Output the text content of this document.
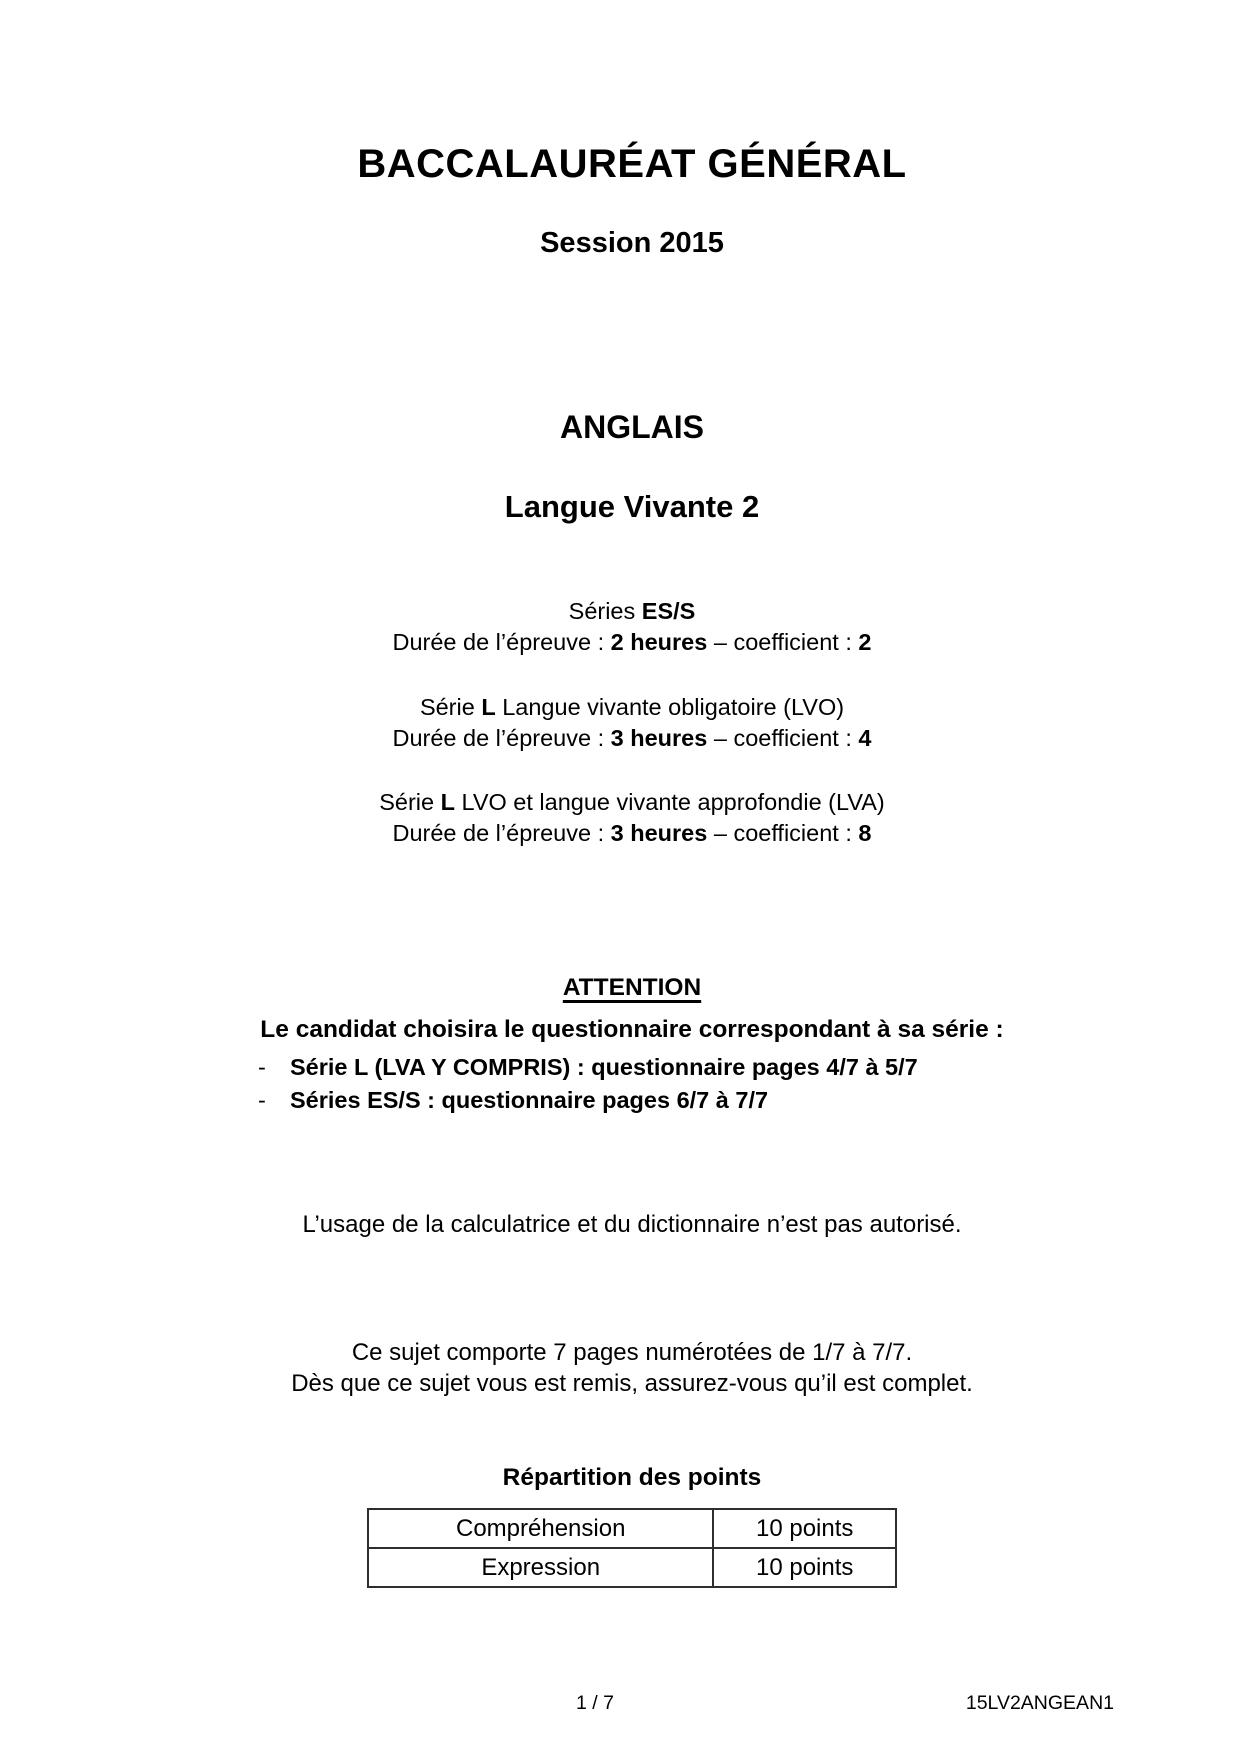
BACCALAURÉAT GÉNÉRAL
Session 2015
ANGLAIS
Langue Vivante 2
Séries ES/S
Durée de l’épreuve : 2 heures – coefficient : 2
Série L Langue vivante obligatoire (LVO)
Durée de l’épreuve : 3 heures – coefficient : 4
Série L LVO et langue vivante approfondie (LVA)
Durée de l’épreuve : 3 heures – coefficient : 8
ATTENTION
Le candidat choisira le questionnaire correspondant à sa série :
- Série L (LVA Y COMPRIS) : questionnaire pages 4/7 à 5/7
- Séries ES/S : questionnaire pages 6/7 à 7/7
L’usage de la calculatrice et du dictionnaire n’est pas autorisé.
Ce sujet comporte 7 pages numérotées de 1/7 à 7/7.
Dès que ce sujet vous est remis, assurez-vous qu’il est complet.
Répartition des points
Compréhension	10 points
Expression	10 points
1 / 7	15LV2ANGEAN1
